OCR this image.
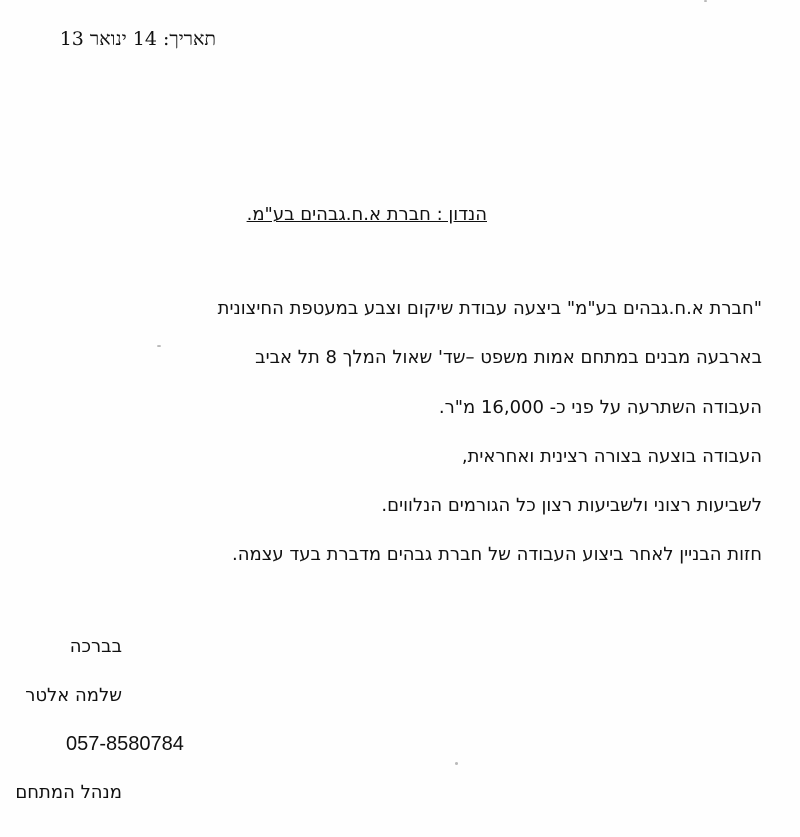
תאריך: 14 ינואר 13
הנדון : חברת א.ח.גבהים בע"מ.
"חברת א.ח.גבהים בע"מ" ביצעה עבודת שיקום וצבע במעטפת החיצונית
בארבעה מבנים במתחם אמות משפט –שד' שאול המלך 8 תל אביב
העבודה השתרעה על פני כ- 16,000 מ"ר.
העבודה בוצעה בצורה רצינית ואחראית,
לשביעות רצוני ולשביעות רצון כל הגורמים הנלווים.
חזות הבניין לאחר ביצוע העבודה של חברת גבהים מדברת בעד עצמה.
בברכה
שלמה אלטר
057-8580784
מנהל המתחם
